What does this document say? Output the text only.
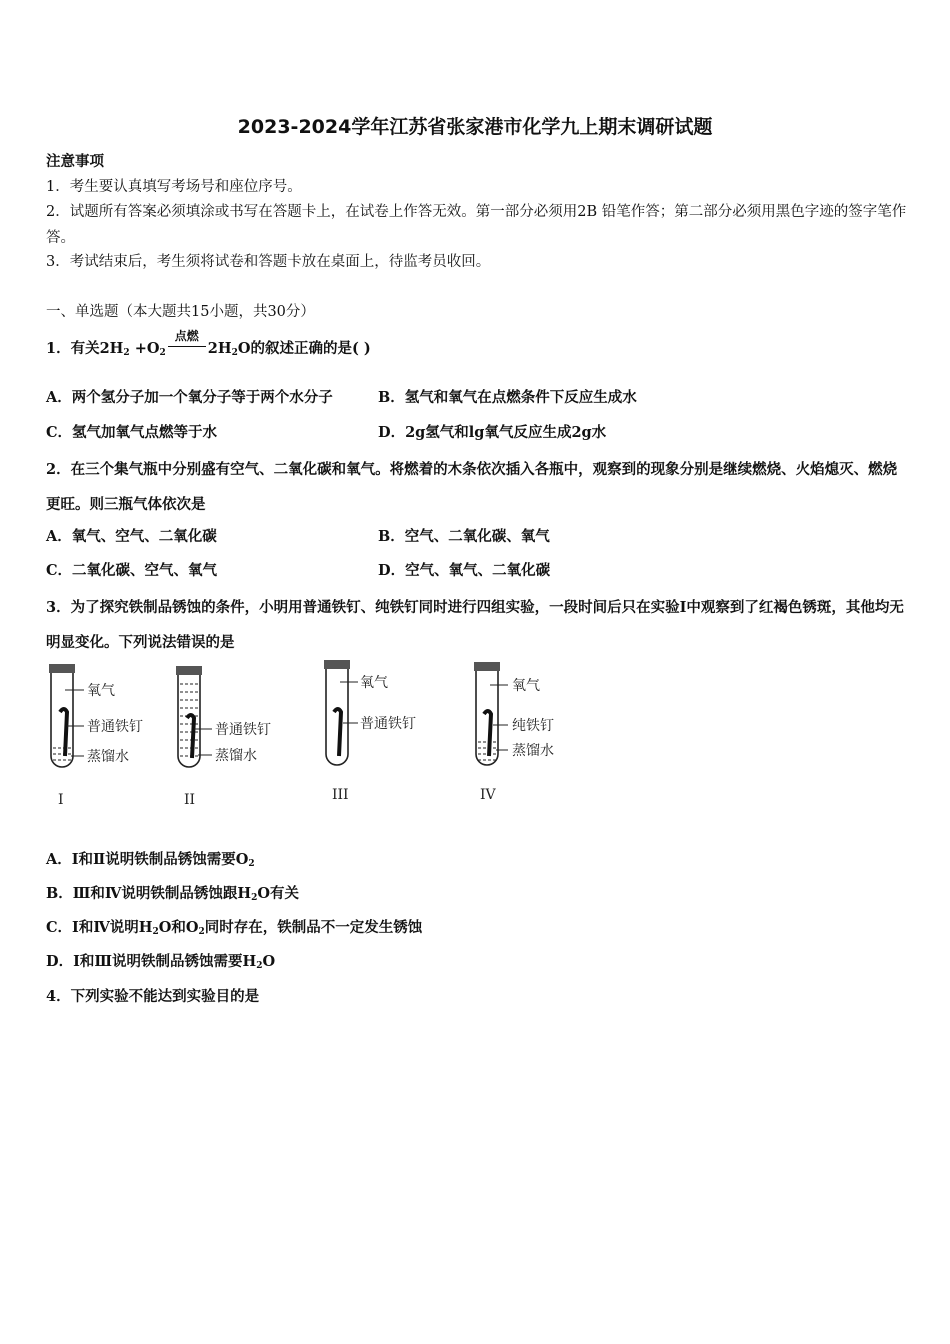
2023-2024学年江苏省张家港市化学九上期末调研试题
注意事项
1．考生要认真填写考场号和座位序号。
2．试题所有答案必须填涂或书写在答题卡上，在试卷上作答无效。第一部分必须用2B 铅笔作答；第二部分必须用黑色字迹的签字笔作答。
3．考试结束后，考生须将试卷和答题卡放在桌面上，待监考员收回。
一、单选题（本大题共15小题，共30分）
1．有关$2H_2 +O_2$
点燃
$2H_2O$的叙述正确的是( )
A．两个氢分子加一个氧分子等于两个水分子	B．氢气和氧气在点燃条件下反应生成水
C．氢气加氧气点燃等于水	D．2g氢气和lg氧气反应生成2g水
2．在三个集气瓶中分别盛有空气、二氧化碳和氧气。将燃着的木条依次插入各瓶中，观察到的现象分别是继续燃烧、火焰熄灭、燃烧更旺。则三瓶气体依次是
A．氧气、空气、二氧化碳	B．空气、二氧化碳、氧气
C．二氧化碳、空气、氧气	D．空气、氧气、二氧化碳
3．为了探究铁制品锈蚀的条件，小明用普通铁钉、纯铁钉同时进行四组实验，一段时间后只在实验I中观察到了红褐色锈斑，其他均无明显变化。下列说法错误的是
氧气
普通铁钉
蒸馏水
I
普通铁钉
蒸馏水
II
氧气
普通铁钉
III
氧气
纯铁钉
蒸馏水
IV
A．Ⅰ和Ⅱ说明铁制品锈蚀需要$O_2$
B．Ⅲ和Ⅳ说明铁制品锈蚀跟$H_2O$有关
C．Ⅰ和Ⅳ说明$H_2O$和$O_2$同时存在，铁制品不一定发生锈蚀
D．Ⅰ和Ⅲ说明铁制品锈蚀需要$H_2O$
4．下列实验不能达到实验目的是
